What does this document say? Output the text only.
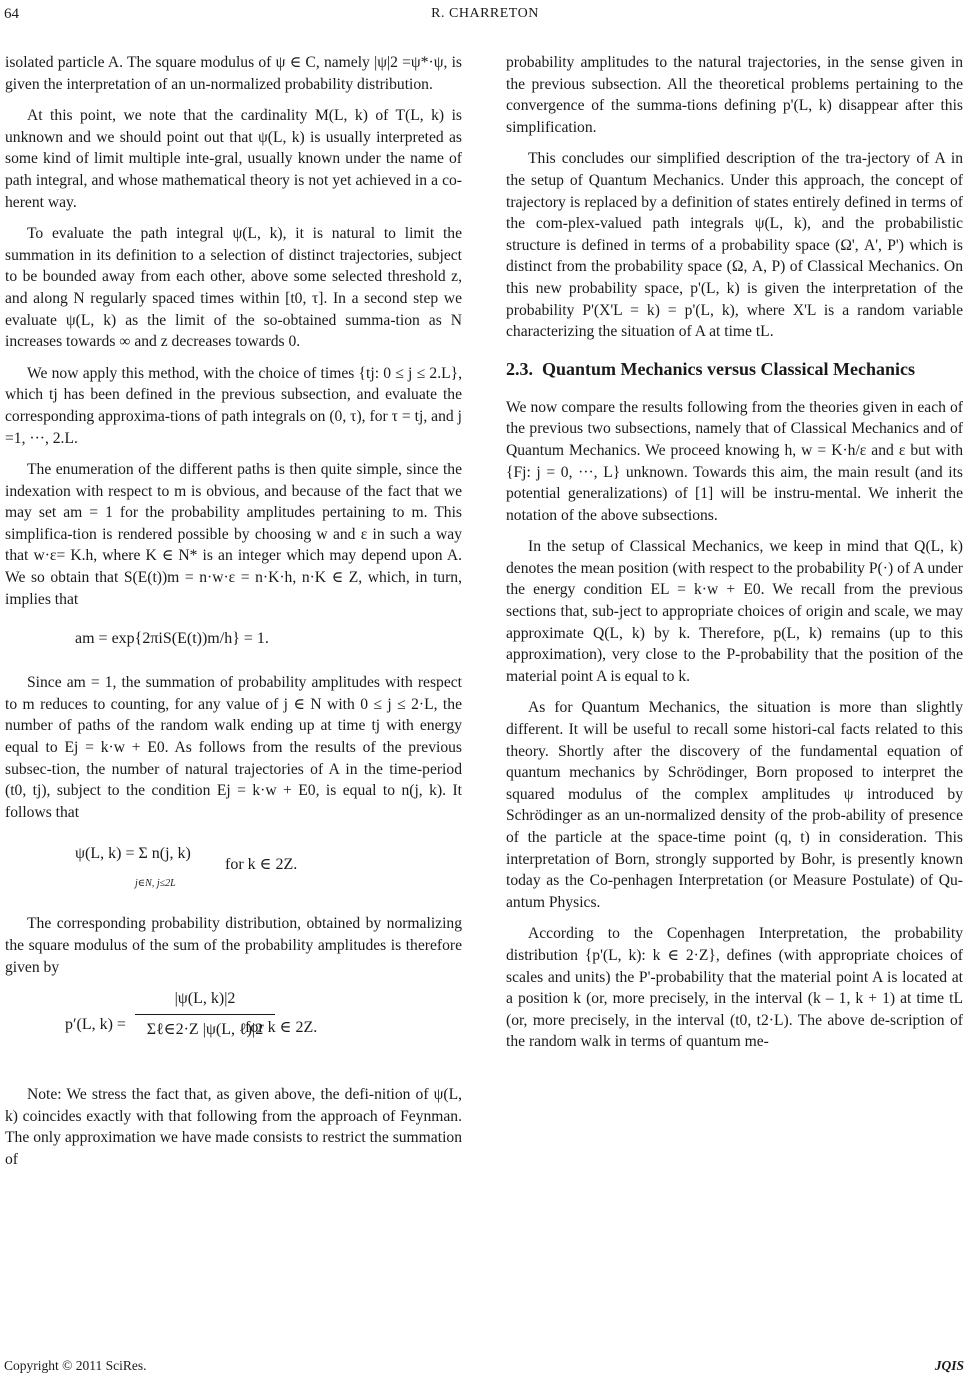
64	R. CHARRETON

isolated particle A. The square modulus of ψ ∈ C, namely |ψ|2 =ψ*·ψ, is given the interpretation of an un-normalized probability distribution.

At this point, we note that the cardinality M(L, k) of T(L, k) is unknown and we should point out that ψ(L, k) is usually interpreted as some kind of limit multiple inte-gral, usually known under the name of path integral, and whose mathematical theory is not yet achieved in a co-herent way.

To evaluate the path integral ψ(L, k), it is natural to limit the summation in its definition to a selection of distinct trajectories, subject to be bounded away from each other, above some selected threshold z, and along N regularly spaced times within [t0, τ]. In a second step we evaluate ψ(L, k) as the limit of the so-obtained summa-tion as N increases towards ∞ and z decreases towards 0.

We now apply this method, with the choice of times {tj: 0 ≤ j ≤ 2.L}, which tj has been defined in the previous subsection, and evaluate the corresponding approxima-tions of path integrals on (0, τ), for τ = tj, and j =1, ···, 2.L.

The enumeration of the different paths is then quite simple, since the indexation with respect to m is obvious, and because of the fact that we may set am = 1 for the probability amplitudes pertaining to m. This simplifica-tion is rendered possible by choosing w and ε in such a way that w·ε= K.h, where K ∈ N* is an integer which may depend upon A. We so obtain that S(E(t))m = n·w·ε = n·K·h, n·K ∈ Z, which, in turn, implies that

am = exp{2πiS(E(t))m/h} = 1.

Since am = 1, the summation of probability amplitudes with respect to m reduces to counting, for any value of j ∈ N with 0 ≤ j ≤ 2·L, the number of paths of the random walk ending up at time tj with energy equal to Ej = k·w + E0. As follows from the results of the previous subsec-tion, the number of natural trajectories of A in the time-period (t0, tj), subject to the condition Ej = k·w + E0, is equal to n(j, k). It follows that

ψ(L, k) = Σ n(j, k)
j∈N, j≤2L
for k ∈ 2Z.

The corresponding probability distribution, obtained by normalizing the square modulus of the sum of the probability amplitudes is therefore given by

p′(L, k) =
|ψ(L, k)|2
Σℓ∈2·Z |ψ(L, ℓ)|2
for k ∈ 2Z.

Note: We stress the fact that, as given above, the defi-nition of ψ(L, k) coincides exactly with that following from the approach of Feynman. The only approximation we have made consists to restrict the summation of

probability amplitudes to the natural trajectories, in the sense given in the previous subsection. All the theoretical problems pertaining to the convergence of the summa-tions defining p'(L, k) disappear after this simplification.

This concludes our simplified description of the tra-jectory of A in the setup of Quantum Mechanics. Under this approach, the concept of trajectory is replaced by a definition of states entirely defined in terms of the com-plex-valued path integrals ψ(L, k), and the probabilistic structure is defined in terms of a probability space (Ω', A', P') which is distinct from the probability space (Ω, A, P) of Classical Mechanics. On this new probability space, p'(L, k) is given the interpretation of the probability P'(X'L = k) = p'(L, k), where X'L is a random variable characterizing the situation of A at time tL.

2.3. Quantum Mechanics versus Classical Mechanics

We now compare the results following from the theories given in each of the previous two subsections, namely that of Classical Mechanics and of Quantum Mechanics. We proceed knowing h, w = K·h/ε and ε but with {Fj: j = 0, ···, L} unknown. Towards this aim, the main result (and its potential generalizations) of [1] will be instru-mental. We inherit the notation of the above subsections.

In the setup of Classical Mechanics, we keep in mind that Q(L, k) denotes the mean position (with respect to the probability P(·) of A under the energy condition EL = k·w + E0. We recall from the previous sections that, sub-ject to appropriate choices of origin and scale, we may approximate Q(L, k) by k. Therefore, p(L, k) remains (up to this approximation), very close to the P-probability that the position of the material point A is equal to k.

As for Quantum Mechanics, the situation is more than slightly different. It will be useful to recall some histori-cal facts related to this theory. Shortly after the discovery of the fundamental equation of quantum mechanics by Schrödinger, Born proposed to interpret the squared modulus of the complex amplitudes ψ introduced by Schrödinger as an un-normalized density of the prob-ability of presence of the particle at the space-time point (q, t) in consideration. This interpretation of Born, strongly supported by Bohr, is presently known today as the Co-penhagen Interpretation (or Measure Postulate) of Qu-antum Physics.

According to the Copenhagen Interpretation, the probability distribution {p'(L, k): k ∈ 2·Z}, defines (with appropriate choices of scales and units) the P'-probability that the material point A is located at a position k (or, more precisely, in the interval (k – 1, k + 1) at time tL (or, more precisely, in the interval (t0, t2·L). The above de-scription of the random walk in terms of quantum me-

Copyright © 2011 SciRes.	JQIS
